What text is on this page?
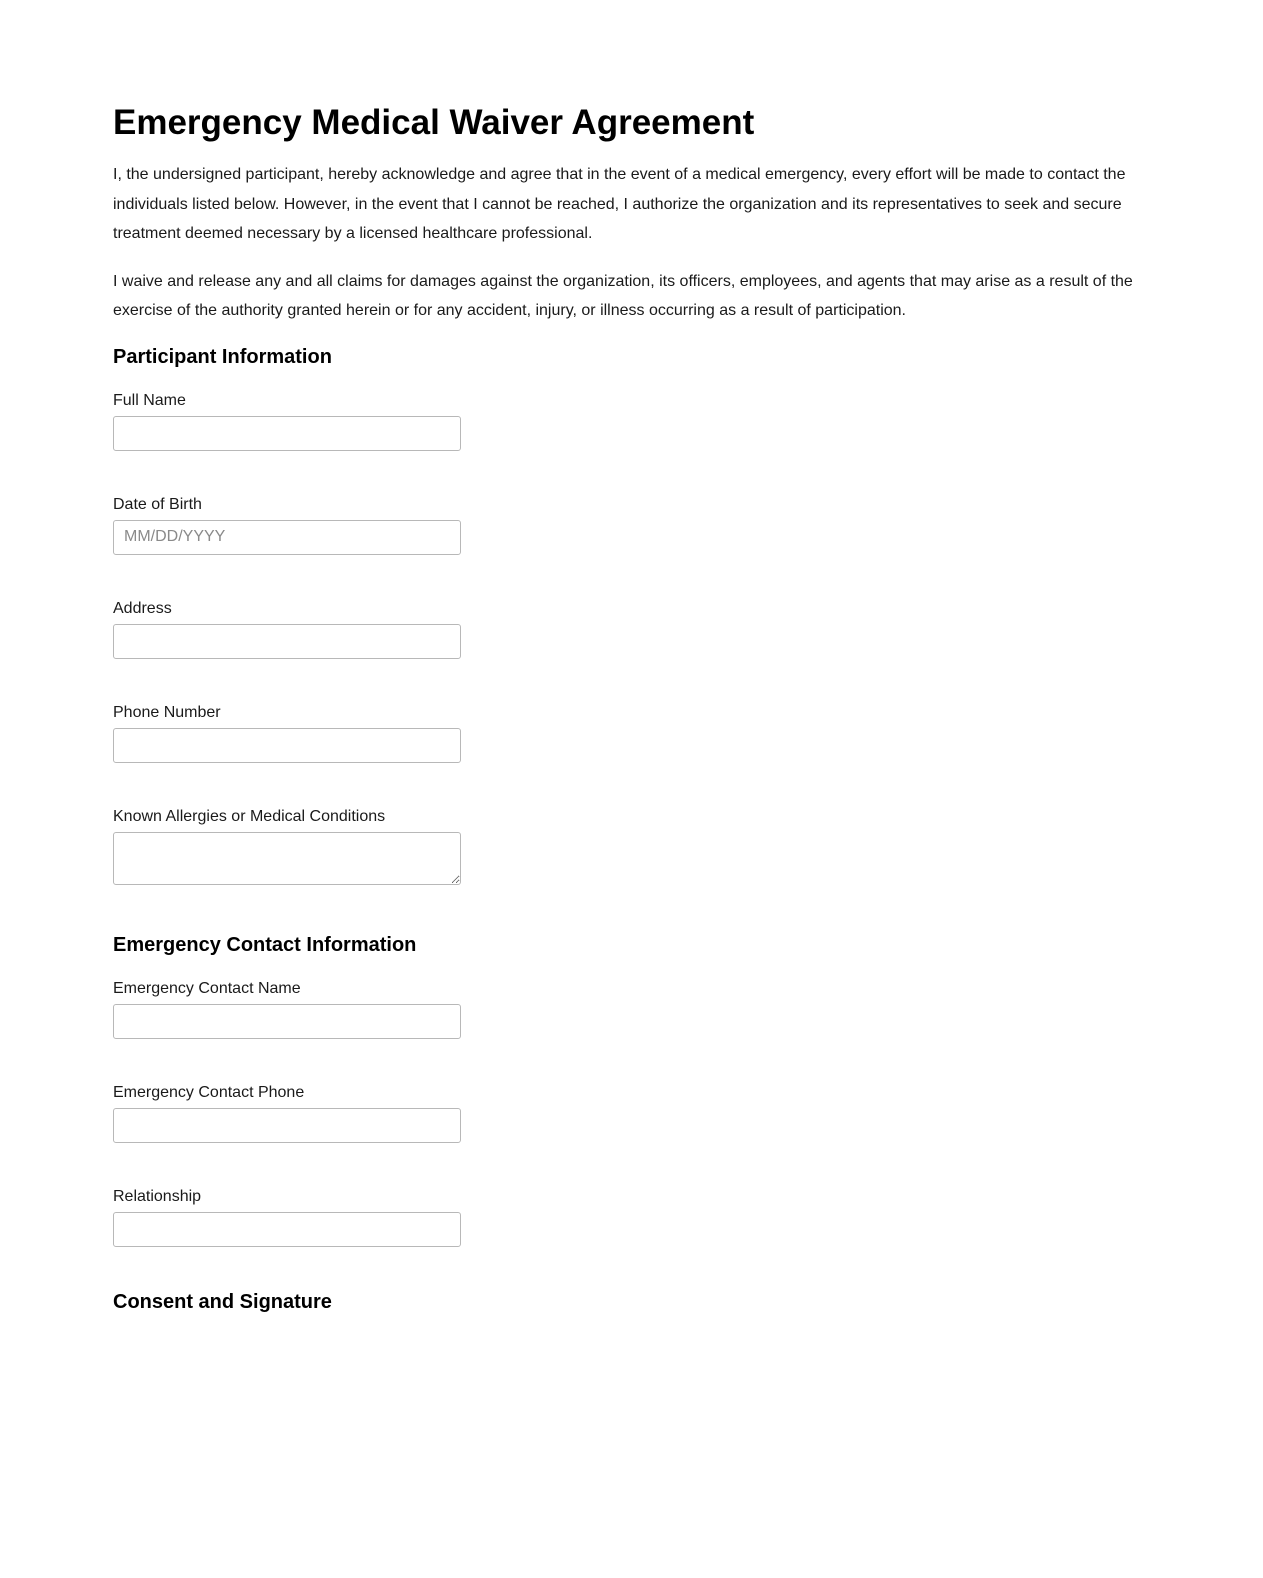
Emergency Medical Waiver Agreement

I, the undersigned participant, hereby acknowledge and agree that in the event of a medical emergency, every effort will be made to contact the individuals listed below. However, in the event that I cannot be reached, I authorize the organization and its representatives to seek and secure treatment deemed necessary by a licensed healthcare professional.

I waive and release any and all claims for damages against the organization, its officers, employees, and agents that may arise as a result of the exercise of the authority granted herein or for any accident, injury, or illness occurring as a result of participation.

Participant Information
Full Name
Date of Birth
MM/DD/YYYY
Address
Phone Number
Known Allergies or Medical Conditions
Emergency Contact Information
Emergency Contact Name
Emergency Contact Phone
Relationship
Consent and Signature
